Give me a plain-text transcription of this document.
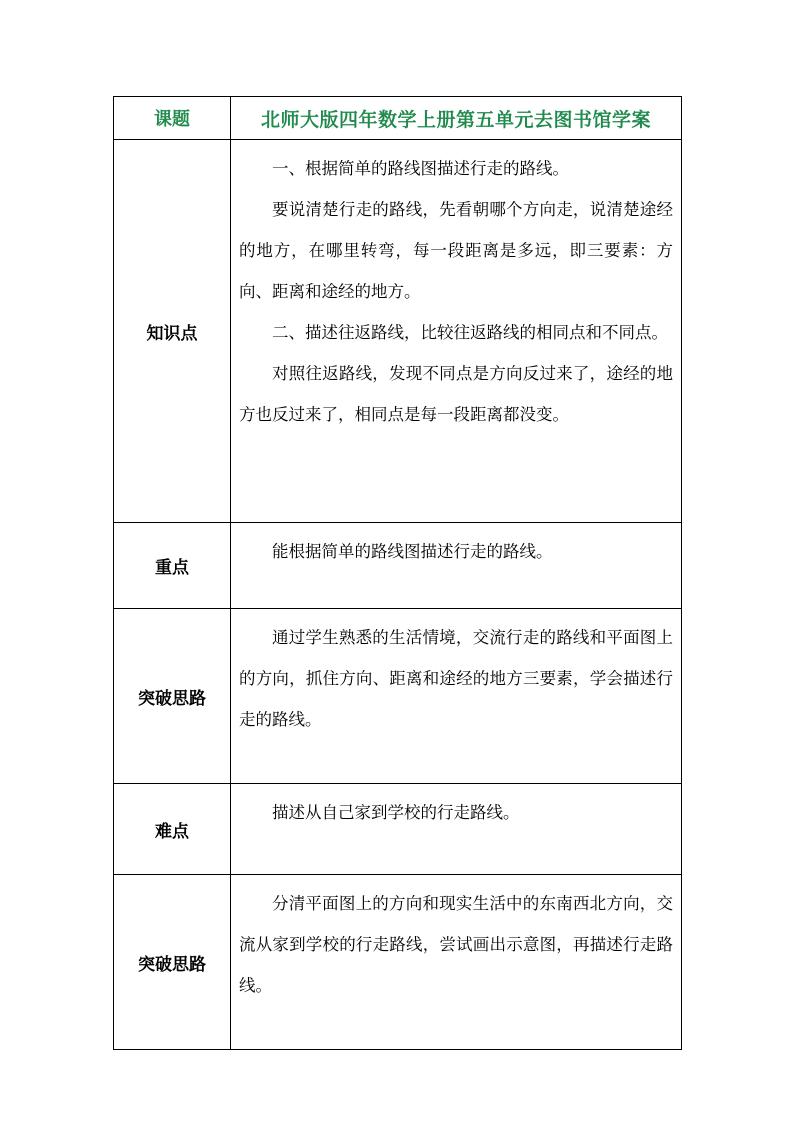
课题	北师大版四年数学上册第五单元去图书馆学案
知识点	一、根据简单的路线图描述行走的路线。

要说清楚行走的路线，先看朝哪个方向走，说清楚途经的地方，在哪里转弯，每一段距离是多远，即三要素：方向、距离和途经的地方。

二、描述往返路线，比较往返路线的相同点和不同点。

对照往返路线，发现不同点是方向反过来了，途经的地方也反过来了，相同点是每一段距离都没变。

重点	能根据简单的路线图描述行走的路线。

突破思路	通过学生熟悉的生活情境，交流行走的路线和平面图上的方向，抓住方向、距离和途经的地方三要素，学会描述行走的路线。

难点	描述从自己家到学校的行走路线。

突破思路	分清平面图上的方向和现实生活中的东南西北方向，交流从家到学校的行走路线，尝试画出示意图，再描述行走路线。
